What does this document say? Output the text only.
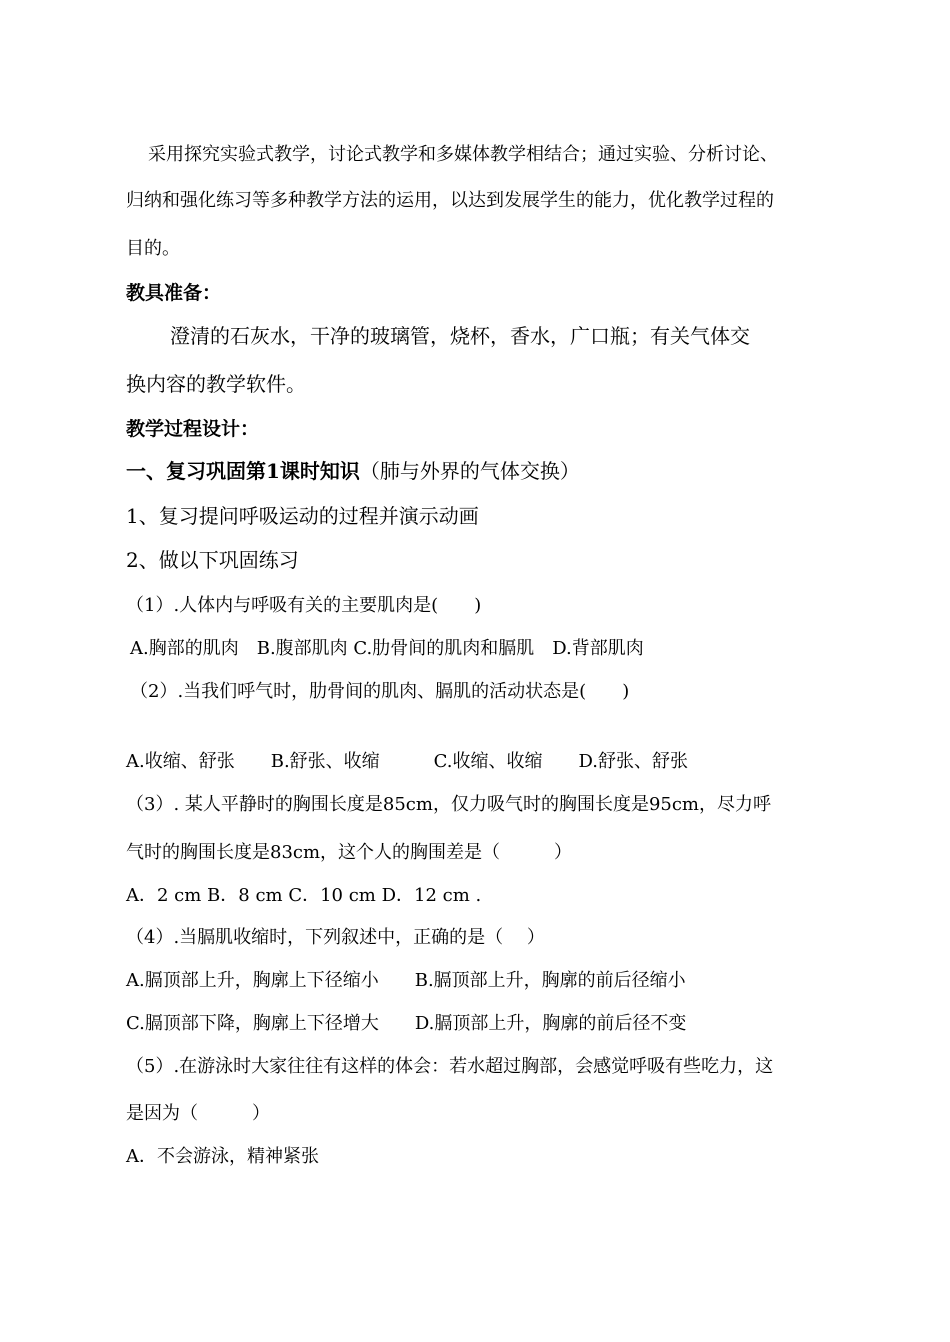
采用探究实验式教学，讨论式教学和多媒体教学相结合；通过实验、分析讨论、
归纳和强化练习等多种教学方法的运用，以达到发展学生的能力，优化教学过程的
目的。
教具准备：
澄清的石灰水，干净的玻璃管，烧杯，香水，广口瓶；有关气体交
换内容的教学软件。
教学过程设计：
一、复习巩固第1课时知识（肺与外界的气体交换）
1、复习提问呼吸运动的过程并演示动画
2、做以下巩固练习
（1）.人体内与呼吸有关的主要肌肉是(　　)
A.胸部的肌肉　B.腹部肌肉 C.肋骨间的肌肉和膈肌　D.背部肌肉
（2）.当我们呼气时，肋骨间的肌肉、膈肌的活动状态是(　　)
A.收缩、舒张　　B.舒张、收缩　　　C.收缩、收缩　　D.舒张、舒张
（3）. 某人平静时的胸围长度是85cm，仅力吸气时的胸围长度是95cm，尽力呼
气时的胸围长度是83cm，这个人的胸围差是（　　　）
A．2 cm B．8 cm C．10 cm D．12 cm .
（4）.当膈肌收缩时，下列叙述中，正确的是（　 ）
A.膈顶部上升，胸廓上下径缩小　　B.膈顶部上升，胸廓的前后径缩小
C.膈顶部下降，胸廓上下径增大　　D.膈顶部上升，胸廓的前后径不变
（5）.在游泳时大家往往有这样的体会：若水超过胸部，会感觉呼吸有些吃力，这
是因为（　　　）
A．不会游泳，精神紧张
